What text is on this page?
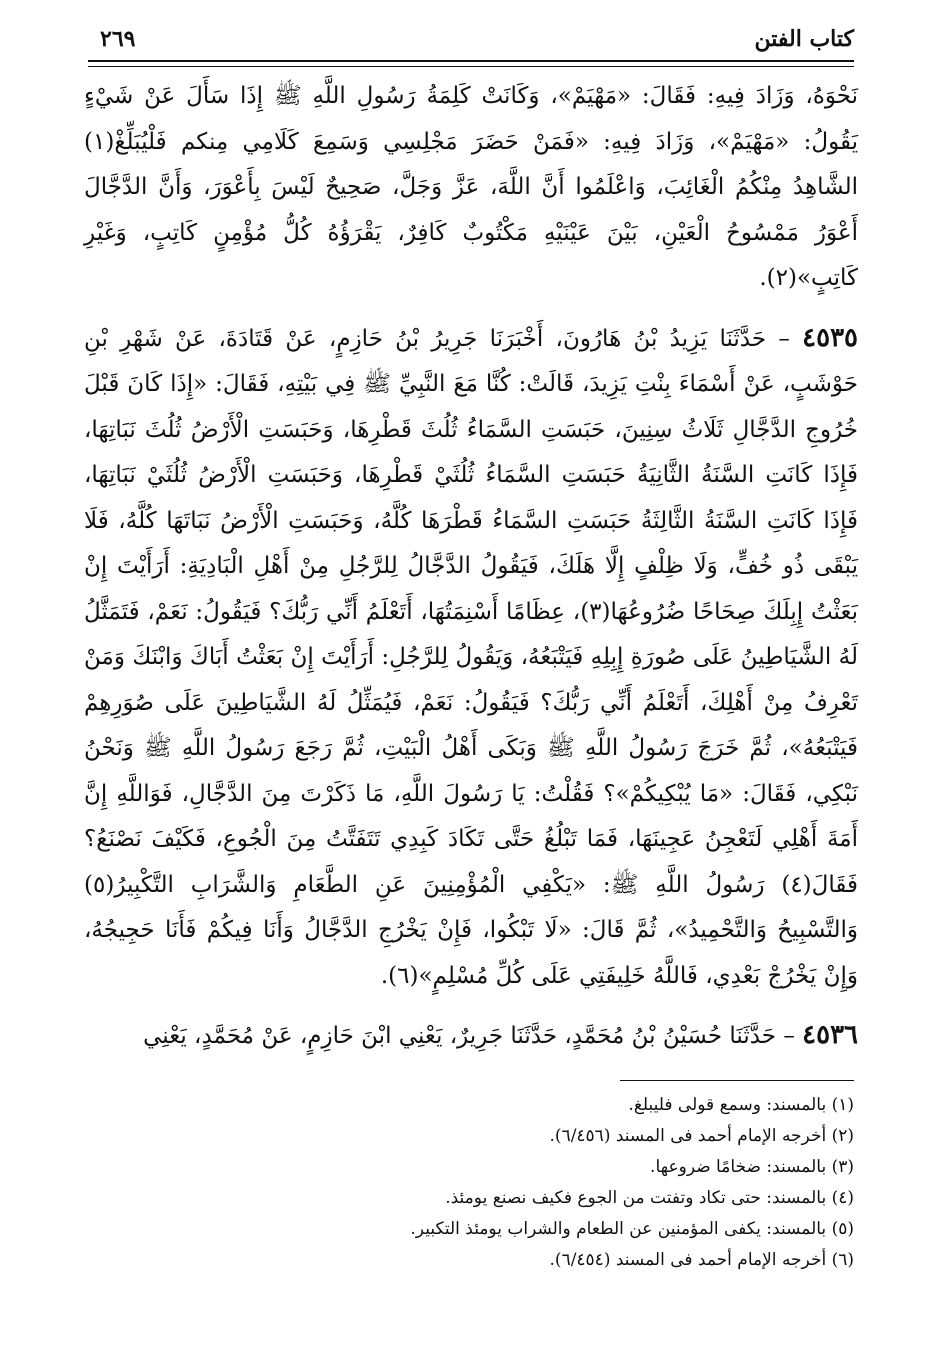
كتاب الفتن
٢٦٩

نَحْوَهُ، وَزَادَ فِيهِ: فَقَالَ: «مَهْيَمْ»، وَكَانَتْ كَلِمَةُ رَسُولِ اللَّهِ ﷺ إِذَا سَأَلَ عَنْ شَيْءٍ يَقُولُ: «مَهْيَمْ»، وَزَادَ فِيهِ: «فَمَنْ حَضَرَ مَجْلِسِي وَسَمِعَ كَلَامِي مِنكم فَلْيُبَلِّغْ(١) الشَّاهِدُ مِنْكُمُ الْغَائِبَ، وَاعْلَمُوا أَنَّ اللَّهَ، عَزَّ وَجَلَّ، صَحِيحٌ لَيْسَ بِأَعْوَرَ، وَأَنَّ الدَّجَّالَ أَعْوَرُ مَمْسُوحُ الْعَيْنِ، بَيْنَ عَيْنَيْهِ مَكْتُوبٌ كَافِرٌ، يَقْرَؤُهُ كُلُّ مُؤْمِنٍ كَاتِبٍ، وَغَيْرِ كَاتِبٍ»(٢).

٤٥٣٥ – حَدَّثَنَا يَزِيدُ بْنُ هَارُونَ، أَخْبَرَنَا جَرِيرُ بْنُ حَازِمٍ، عَنْ قَتَادَةَ، عَنْ شَهْرِ بْنِ حَوْشَبٍ، عَنْ أَسْمَاءَ بِنْتِ يَزِيدَ، قَالَتْ: كُنَّا مَعَ النَّبِيِّ ﷺ فِي بَيْتِهِ، فَقَالَ: «إِذَا كَانَ قَبْلَ خُرُوجِ الدَّجَّالِ ثَلَاثُ سِنِينَ، حَبَسَتِ السَّمَاءُ ثُلُثَ قَطْرِهَا، وَحَبَسَتِ الْأَرْضُ ثُلُثَ نَبَاتِهَا، فَإِذَا كَانَتِ السَّنَةُ الثَّانِيَةُ حَبَسَتِ السَّمَاءُ ثُلُثَيْ قَطْرِهَا، وَحَبَسَتِ الْأَرْضُ ثُلُثَيْ نَبَاتِهَا، فَإِذَا كَانَتِ السَّنَةُ الثَّالِثَةُ حَبَسَتِ السَّمَاءُ قَطْرَهَا كُلَّهُ، وَحَبَسَتِ الْأَرْضُ نَبَاتَهَا كُلَّهُ، فَلَا يَبْقَى ذُو خُفٍّ، وَلَا ظِلْفٍ إِلَّا هَلَكَ، فَيَقُولُ الدَّجَّالُ لِلرَّجُلِ مِنْ أَهْلِ الْبَادِيَةِ: أَرَأَيْتَ إِنْ بَعَثْتُ إِبِلَكَ صِحَاحًا ضُرُوعُهَا(٣)، عِظَامًا أَسْنِمَتُهَا، أَتَعْلَمُ أَنِّي رَبُّكَ؟ فَيَقُولُ: نَعَمْ، فَتَمَثَّلُ لَهُ الشَّيَاطِينُ عَلَى صُورَةِ إِبِلِهِ فَيَتْبَعُهُ، وَيَقُولُ لِلرَّجُلِ: أَرَأَيْتَ إِنْ بَعَثْتُ أَبَاكَ وَابْنَكَ وَمَنْ تَعْرِفُ مِنْ أَهْلِكَ، أَتَعْلَمُ أَنِّي رَبُّكَ؟ فَيَقُولُ: نَعَمْ، فَيُمَثِّلُ لَهُ الشَّيَاطِينَ عَلَى صُوَرِهِمْ فَيَتْبَعُهُ»، ثُمَّ خَرَجَ رَسُولُ اللَّهِ ﷺ وَبَكَى أَهْلُ الْبَيْتِ، ثُمَّ رَجَعَ رَسُولُ اللَّهِ ﷺ وَنَحْنُ نَبْكِي، فَقَالَ: «مَا يُبْكِيكُمْ»؟ فَقُلْتُ: يَا رَسُولَ اللَّهِ، مَا ذَكَرْتَ مِنَ الدَّجَّالِ، فَوَاللَّهِ إِنَّ أَمَةَ أَهْلِي لَتَعْجِنُ عَجِينَهَا، فَمَا تَبْلُغُ حَتَّى تَكَادَ كَبِدِي تَتَفَتَّتُ مِنَ الْجُوعِ، فَكَيْفَ نَصْنَعُ؟ فَقَالَ(٤) رَسُولُ اللَّهِ ﷺ: «يَكْفِي الْمُؤْمِنِينَ عَنِ الطَّعَامِ وَالشَّرَابِ التَّكْبِيرُ(٥) وَالتَّسْبِيحُ وَالتَّحْمِيدُ»، ثُمَّ قَالَ: «لَا تَبْكُوا، فَإِنْ يَخْرُجِ الدَّجَّالُ وَأَنَا فِيكُمْ فَأَنَا حَجِيجُهُ، وَإِنْ يَخْرُجْ بَعْدِي، فَاللَّهُ خَلِيفَتِي عَلَى كُلِّ مُسْلِمٍ»(٦).

٤٥٣٦ – حَدَّثَنَا حُسَيْنُ بْنُ مُحَمَّدٍ، حَدَّثَنَا جَرِيرٌ، يَعْنِي ابْنَ حَازِمٍ، عَنْ مُحَمَّدٍ، يَعْنِي

(١) بالمسند: وسمع قولى فليبلغ.

(٢) أخرجه الإمام أحمد فى المسند (٦/٤٥٦).

(٣) بالمسند: ضخامًا ضروعها.

(٤) بالمسند: حتى تكاد وتفتت من الجوع فكيف نصنع يومئذ.

(٥) بالمسند: يكفى المؤمنين عن الطعام والشراب يومئذ التكبير.

(٦) أخرجه الإمام أحمد فى المسند (٦/٤٥٤).
